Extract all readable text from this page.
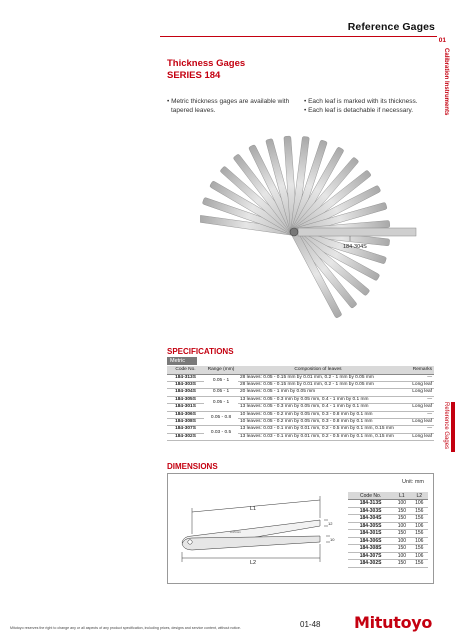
Reference Gages
01
Calibration Instruments
Reference Gages
Thickness Gages
SERIES 184
• Metric thickness gages are available with
tapered leaves.
• Each leaf is marked with its thickness.
• Each leaf is detachable if necessary.
184-304S
SPECIFICATIONS
Metric
Code No.	Range (mm)	Composition of leaves	Remarks
184-313S	0.05 - 1	28 leaves: 0.05 - 0.15 mm by 0.01 mm, 0.2 - 1 mm by 0.05 mm	—
184-303S		28 leaves: 0.05 - 0.15 mm by 0.01 mm, 0.2 - 1 mm by 0.05 mm	Long leaf
184-304S	0.05 - 1	20 leaves: 0.05 - 1 mm by 0.05 mm	Long leaf
184-305S	0.05 - 1	13 leaves: 0.05 - 0.3 mm by 0.05 mm, 0.4 - 1 mm by 0.1 mm	—
184-301S		13 leaves: 0.05 - 0.3 mm by 0.05 mm, 0.4 - 1 mm by 0.1 mm	Long leaf
184-306S	0.05 - 0.8	10 leaves: 0.05 - 0.2 mm by 0.05 mm, 0.3 - 0.8 mm by 0.1 mm	—
184-308S		10 leaves: 0.05 - 0.2 mm by 0.05 mm, 0.3 - 0.8 mm by 0.1 mm	Long leaf
184-307S	0.03 - 0.5	13 leaves: 0.03 - 0.1 mm by 0.01 mm, 0.2 - 0.5 mm by 0.1 mm, 0.15 mm	—
184-302S		13 leaves: 0.03 - 0.1 mm by 0.01 mm, 0.2 - 0.5 mm by 0.1 mm, 0.15 mm	Long leaf
DIMENSIONS
Unit: mm
L1
L2
12
10
0.05mm
Code No.	L1	L2
184-313S	100	106
184-303S	150	156
184-304S	150	156
184-305S	100	106
184-301S	150	156
184-306S	100	106
184-308S	150	156
184-307S	100	106
184-302S	150	156
Mitutoyo reserves the right to change any or all aspects of any product specification, including prices, designs and service content, without notice.	01-48 Mitutoyo
